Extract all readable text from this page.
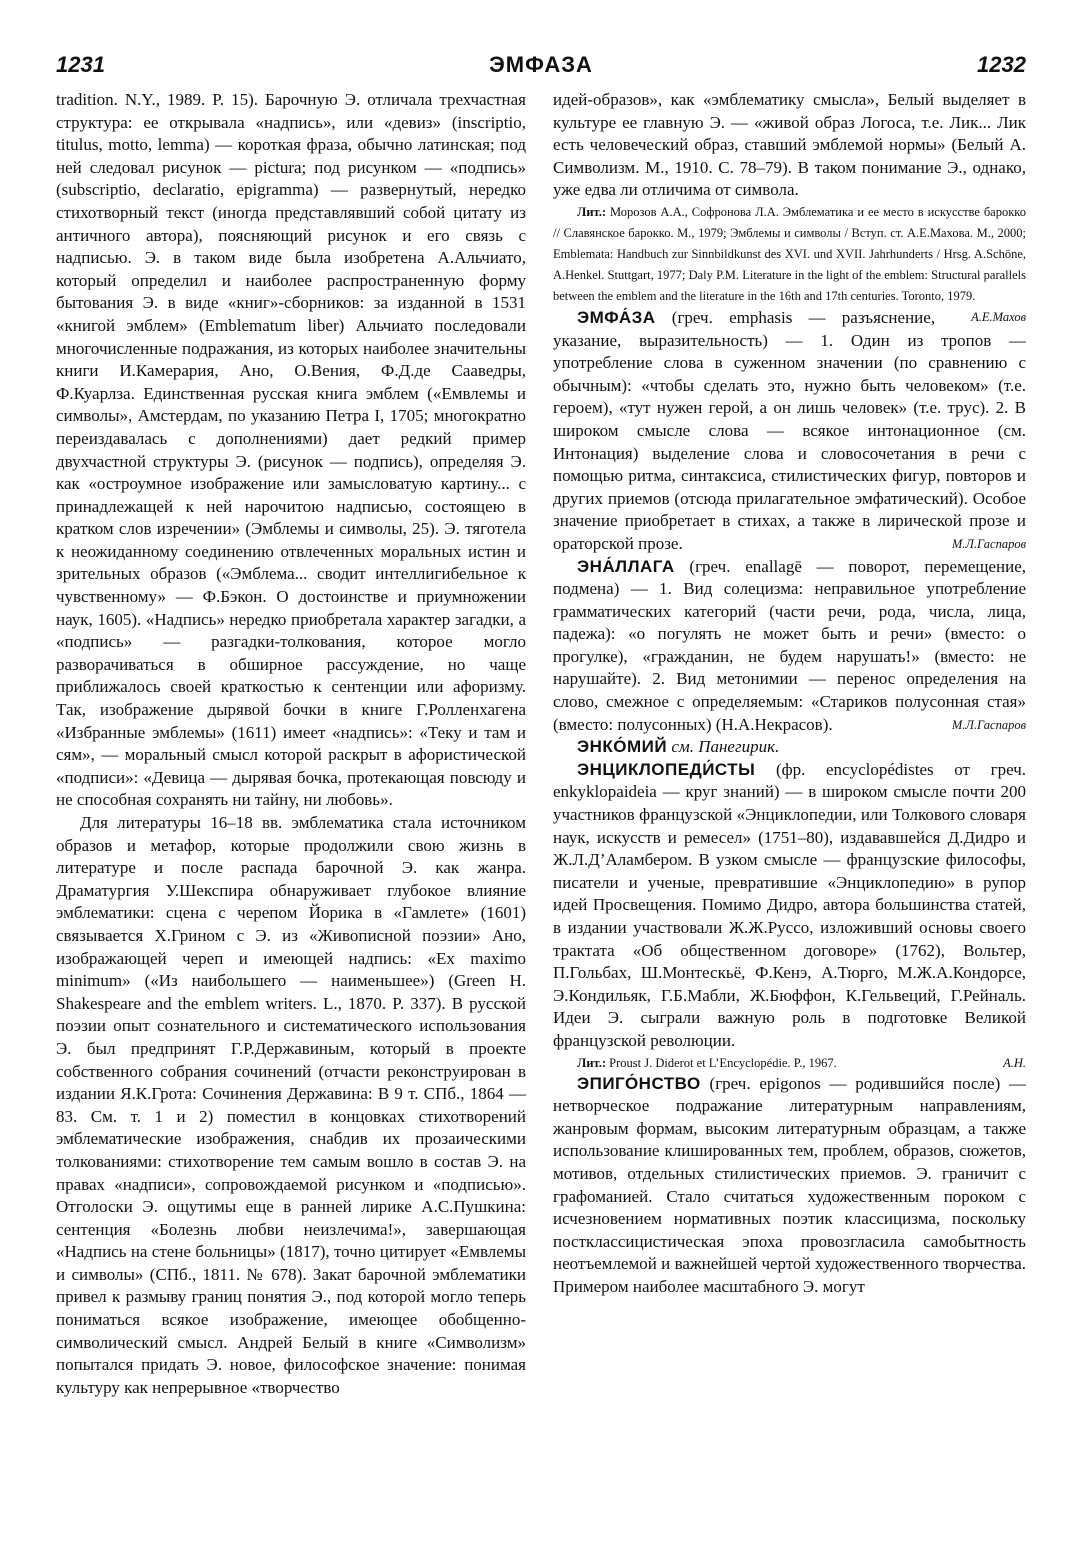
1231	ЭМФАЗА	1232

tradition. N.Y., 1989. P. 15). Барочную Э. отличала трехчастная структура: ее открывала «надпись», или «девиз» (inscriptio, titulus, motto, lemma) — короткая фраза, обычно латинская; под ней следовал рисунок — pictura; под рисунком — «подпись» (subscriptio, declaratio, epigramma) — развернутый, нередко стихотворный текст (иногда представлявший собой цитату из античного автора), поясняющий рисунок и его связь с надписью. Э. в таком виде была изобретена А.Альчиато, который определил и наиболее распространенную форму бытования Э. в виде «книг»-сборников: за изданной в 1531 «книгой эмблем» (Emblematum liber) Альчиато последовали многочисленные подражания, из которых наиболее значительны книги И.Камерария, Ано, О.Вения, Ф.Д.де Сааведры, Ф.Куарлза. Единственная русская книга эмблем («Емвлемы и символы», Амстердам, по указанию Петра I, 1705; многократно переиздавалась с дополнениями) дает редкий пример двухчастной структуры Э. (рисунок — подпись), определяя Э. как «остроумное изображение или замысловатую картину... с принадлежащей к ней нарочитою надписью, состоящею в кратком слов изречении» (Эмблемы и символы, 25). Э. тяготела к неожиданному соединению отвлеченных моральных истин и зрительных образов («Эмблема... сводит интеллигибельное к чувственному» — Ф.Бэкон. О достоинстве и приумножении наук, 1605). «Надпись» нередко приобретала характер загадки, а «подпись» — разгадки-толкования, которое могло разворачиваться в обширное рассуждение, но чаще приближалось своей краткостью к сентенции или афоризму. Так, изображение дырявой бочки в книге Г.Ролленхагена «Избранные эмблемы» (1611) имеет «надпись»: «Теку и там и сям», — моральный смысл которой раскрыт в афористической «подписи»: «Девица — дырявая бочка, протекающая повсюду и не способная сохранять ни тайну, ни любовь».

Для литературы 16–18 вв. эмблематика стала источником образов и метафор, которые продолжили свою жизнь в литературе и после распада барочной Э. как жанра. Драматургия У.Шекспира обнаруживает глубокое влияние эмблематики: сцена с черепом Йорика в «Гамлете» (1601) связывается Х.Грином с Э. из «Живописной поэзии» Ано, изображающей череп и имеющей надпись: «Ex maximo minimum» («Из наибольшего — наименьшее») (Green H. Shakespeare and the emblem writers. L., 1870. P. 337). В русской поэзии опыт сознательного и систематического использования Э. был предпринят Г.Р.Державиным, который в проекте собственного собрания сочинений (отчасти реконструирован в издании Я.К.Грота: Сочинения Державина: В 9 т. СПб., 1864 — 83. См. т. 1 и 2) поместил в концовках стихотворений эмблематические изображения, снабдив их прозаическими толкованиями: стихотворение тем самым вошло в состав Э. на правах «надписи», сопровождаемой рисунком и «подписью». Отголоски Э. ощутимы еще в ранней лирике А.С.Пушкина: сентенция «Болезнь любви неизлечима!», завершающая «Надпись на стене больницы» (1817), точно цитирует «Емвлемы и символы» (СПб., 1811. № 678). Закат барочной эмблематики привел к размыву границ понятия Э., под которой могло теперь пониматься всякое изображение, имеющее обобщенно-символический смысл. Андрей Белый в книге «Символизм» попытался придать Э. новое, философское значение: понимая культуру как непрерывное «творчество

идей-образов», как «эмблематику смысла», Белый выделяет в культуре ее главную Э. — «живой образ Логоса, т.е. Лик... Лик есть человеческий образ, ставший эмблемой нормы» (Белый А. Символизм. М., 1910. С. 78–79). В таком понимание Э., однако, уже едва ли отличима от символа.

Лит.: Морозов А.А., Софронова Л.А. Эмблематика и ее место в искусстве барокко // Славянское барокко. М., 1979; Эмблемы и символы / Вступ. ст. А.Е.Махова. М., 2000; Emblemata: Handbuch zur Sinnbildkunst des XVI. und XVII. Jahrhunderts / Hrsg. A.Schöne, A.Henkel. Stuttgart, 1977; Daly P.M. Literature in the light of the emblem: Structural parallels between the emblem and the literature in the 16th and 17th centuries. Toronto, 1979.
А.Е.Махов

ЭМФА́ЗА (греч. emphasis — разъяснение, указание, выразительность) — 1. Один из тропов — употребление слова в суженном значении (по сравнению с обычным): «чтобы сделать это, нужно быть человеком» (т.е. героем), «тут нужен герой, а он лишь человек» (т.е. трус). 2. В широком смысле слова — всякое интонационное (см. Интонация) выделение слова и словосочетания в речи с помощью ритма, синтаксиса, стилистических фигур, повторов и других приемов (отсюда прилагательное эмфатический). Особое значение приобретает в стихах, а также в лирической прозе и ораторской прозе.	М.Л.Гаспаров

ЭНА́ЛЛАГА (греч. enallagē — поворот, перемещение, подмена) — 1. Вид солецизма: неправильное употребление грамматических категорий (части речи, рода, числа, лица, падежа): «о погулять не может быть и речи» (вместо: о прогулке), «гражданин, не будем нарушать!» (вместо: не нарушайте). 2. Вид метонимии — перенос определения на слово, смежное с определяемым: «Стариков полусонная стая» (вместо: полусонных) (Н.А.Некрасов).	М.Л.Гаспаров

ЭНКО́МИЙ см. Панегирик.

ЭНЦИКЛОПЕДИ́СТЫ (фр. encyclopédistes от греч. enkyklopaideia — круг знаний) — в широком смысле почти 200 участников французской «Энциклопедии, или Толкового словаря наук, искусств и ремесел» (1751–80), издававшейся Д.Дидро и Ж.Л.Д’Аламбером. В узком смысле — французские философы, писатели и ученые, превратившие «Энциклопедию» в рупор идей Просвещения. Помимо Дидро, автора большинства статей, в издании участвовали Ж.Ж.Руссо, изложивший основы своего трактата «Об общественном договоре» (1762), Вольтер, П.Гольбах, Ш.Монтескьё, Ф.Кенэ, А.Тюрго, М.Ж.А.Кондорсе, Э.Кондильяк, Г.Б.Мабли, Ж.Бюффон, К.Гельвеций, Г.Рейналь. Идеи Э. сыграли важную роль в подготовке Великой французской революции.

Лит.: Proust J. Diderot et L’Encyclopédie. P., 1967.	А.Н.

ЭПИГО́НСТВО (греч. epigonos — родившийся после) — нетворческое подражание литературным направлениям, жанровым формам, высоким литературным образцам, а также использование клишированных тем, проблем, образов, сюжетов, мотивов, отдельных стилистических приемов. Э. граничит с графоманией. Стало считаться художественным пороком с исчезновением нормативных поэтик классицизма, поскольку постклассицистическая эпоха провозгласила самобытность неотъемлемой и важнейшей чертой художественного творчества. Примером наиболее масштабного Э. могут
